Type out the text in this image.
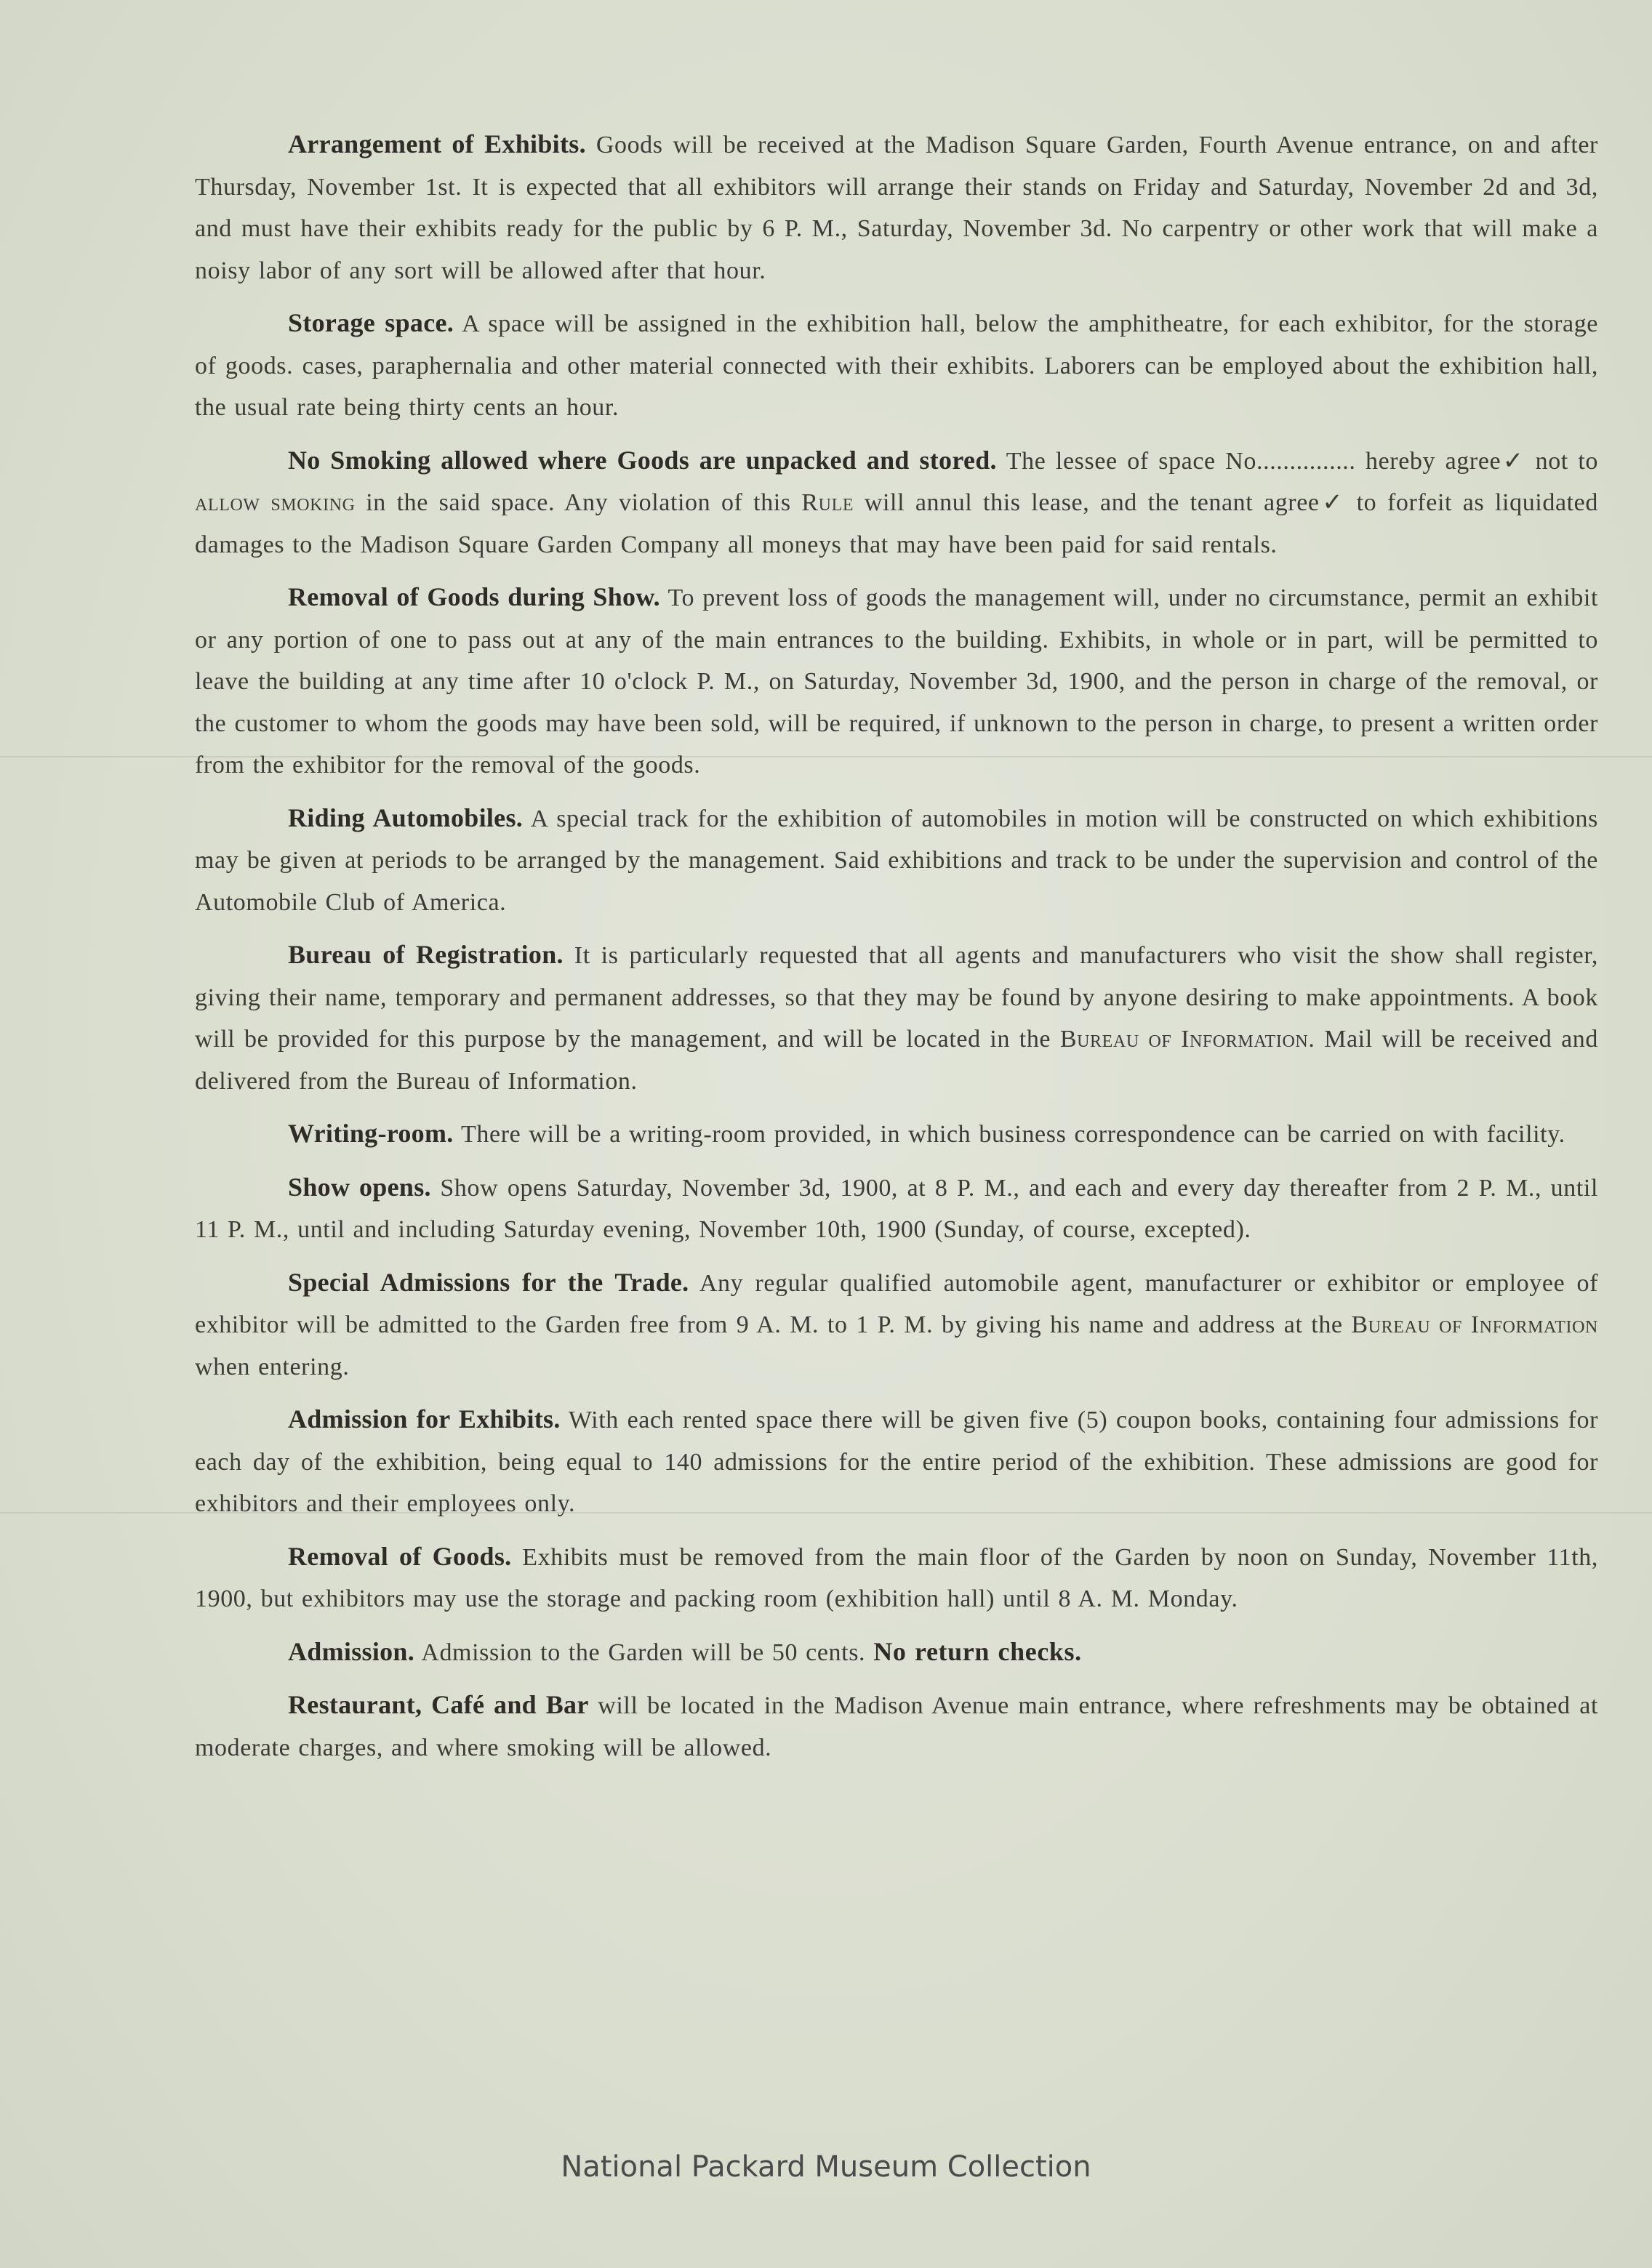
Arrangement of Exhibits. Goods will be received at the Madison Square Garden, Fourth Avenue entrance, on and after Thursday, November 1st. It is expected that all exhibitors will arrange their stands on Friday and Saturday, November 2d and 3d, and must have their exhibits ready for the public by 6 P. M., Saturday, November 3d. No carpentry or other work that will make a noisy labor of any sort will be allowed after that hour.

Storage space. A space will be assigned in the exhibition hall, below the amphitheatre, for each exhibitor, for the storage of goods. cases, paraphernalia and other material connected with their exhibits. Laborers can be employed about the exhibition hall, the usual rate being thirty cents an hour.

No Smoking allowed where Goods are unpacked and stored. The lessee of space No............... hereby agree✓ not to allow smoking in the said space. Any violation of this Rule will annul this lease, and the tenant agree✓ to forfeit as liquidated damages to the Madison Square Garden Company all moneys that may have been paid for said rentals.

Removal of Goods during Show. To prevent loss of goods the management will, under no circumstance, permit an exhibit or any portion of one to pass out at any of the main entrances to the building. Exhibits, in whole or in part, will be permitted to leave the building at any time after 10 o'clock P. M., on Saturday, November 3d, 1900, and the person in charge of the removal, or the customer to whom the goods may have been sold, will be required, if unknown to the person in charge, to present a written order from the exhibitor for the removal of the goods.

Riding Automobiles. A special track for the exhibition of automobiles in motion will be constructed on which exhibitions may be given at periods to be arranged by the management. Said exhibitions and track to be under the supervision and control of the Automobile Club of America.

Bureau of Registration. It is particularly requested that all agents and manufacturers who visit the show shall register, giving their name, temporary and permanent addresses, so that they may be found by anyone desiring to make appointments. A book will be provided for this purpose by the management, and will be located in the Bureau of Information. Mail will be received and delivered from the Bureau of Information.

Writing-room. There will be a writing-room provided, in which business correspondence can be carried on with facility.

Show opens. Show opens Saturday, November 3d, 1900, at 8 P. M., and each and every day thereafter from 2 P. M., until 11 P. M., until and including Saturday evening, November 10th, 1900 (Sunday, of course, excepted).

Special Admissions for the Trade. Any regular qualified automobile agent, manufacturer or exhibitor or employee of exhibitor will be admitted to the Garden free from 9 A. M. to 1 P. M. by giving his name and address at the Bureau of Information when entering.

Admission for Exhibits. With each rented space there will be given five (5) coupon books, containing four admissions for each day of the exhibition, being equal to 140 admissions for the entire period of the exhibition. These admissions are good for exhibitors and their employees only.

Removal of Goods. Exhibits must be removed from the main floor of the Garden by noon on Sunday, November 11th, 1900, but exhibitors may use the storage and packing room (exhibition hall) until 8 A. M. Monday.

Admission. Admission to the Garden will be 50 cents. No return checks.

Restaurant, Café and Bar will be located in the Madison Avenue main entrance, where refreshments may be obtained at moderate charges, and where smoking will be allowed.

National Packard Museum Collection
